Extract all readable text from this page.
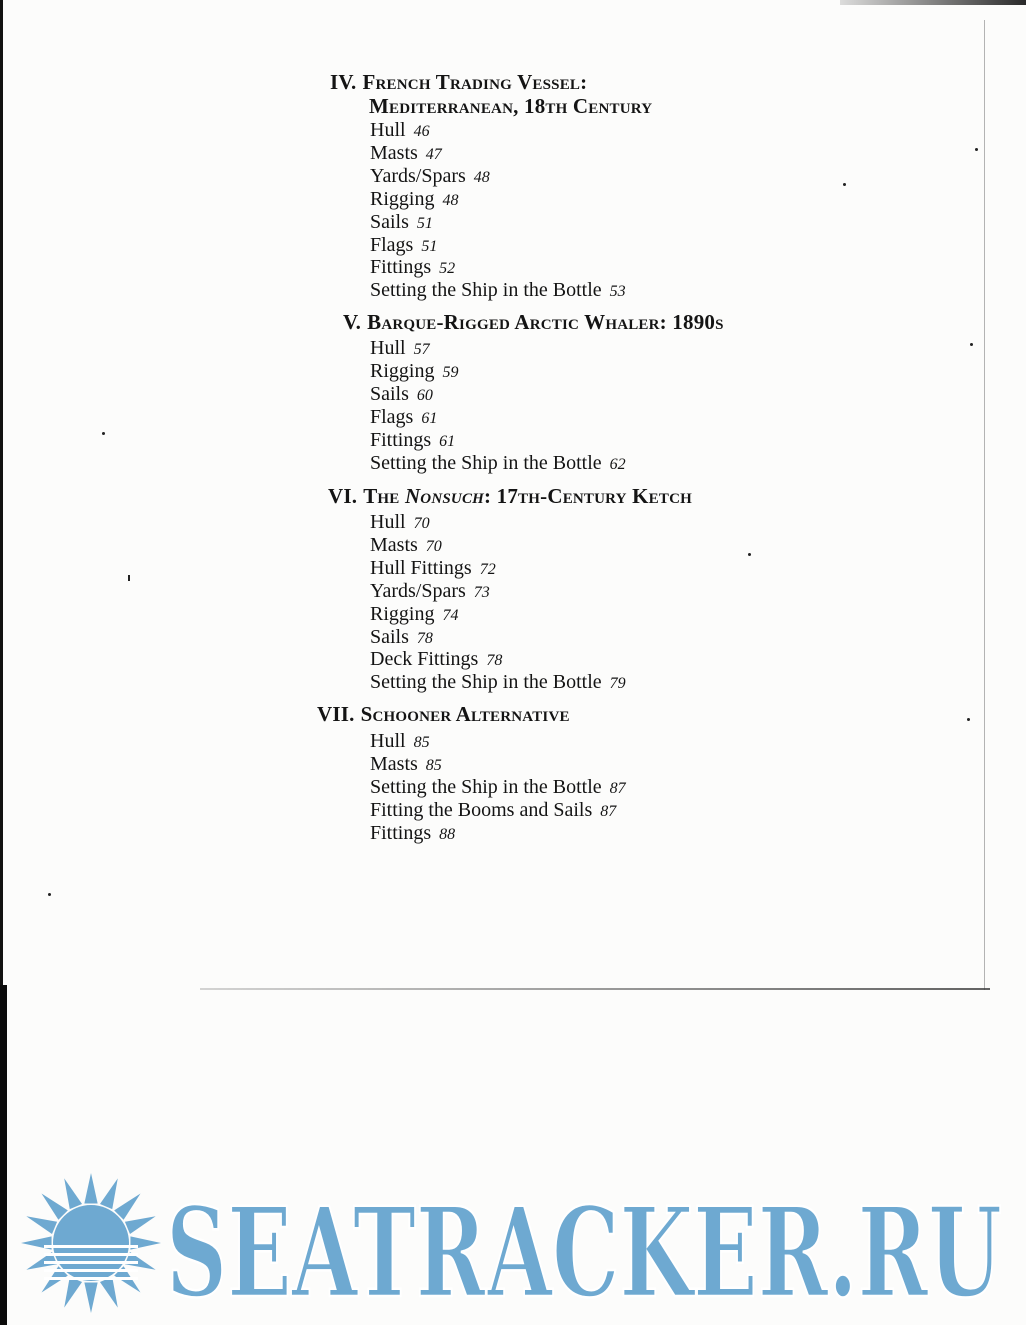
IV. French Trading Vessel:
Mediterranean, 18th Century
Hull 46
Masts 47
Yards/Spars 48
Rigging 48
Sails 51
Flags 51
Fittings 52
Setting the Ship in the Bottle 53
V. Barque-Rigged Arctic Whaler: 1890s
Hull 57
Rigging 59
Sails 60
Flags 61
Fittings 61
Setting the Ship in the Bottle 62
VI. The Nonsuch: 17th-Century Ketch
Hull 70
Masts 70
Hull Fittings 72
Yards/Spars 73
Rigging 74
Sails 78
Deck Fittings 78
Setting the Ship in the Bottle 79
VII. Schooner Alternative
Hull 85
Masts 85
Setting the Ship in the Bottle 87
Fitting the Booms and Sails 87
Fittings 88
SEATRACKER.RU
